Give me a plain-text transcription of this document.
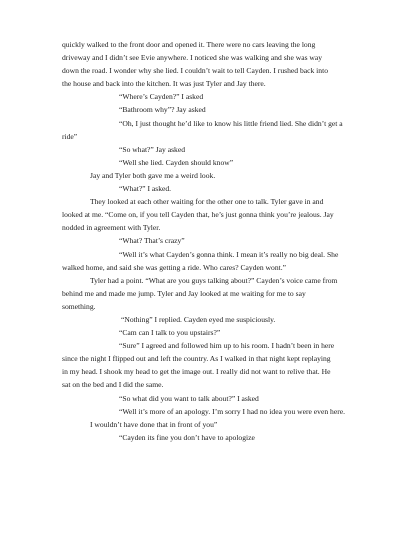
quickly walked to the front door and opened it. There were no cars leaving the long
driveway and I didn’t see Evie anywhere. I noticed she was walking and she was way
down the road. I wonder why she lied. I couldn’t wait to tell Cayden. I rushed back into
the house and back into the kitchen. It was just Tyler and Jay there.
“Where’s Cayden?” I asked
“Bathroom why”? Jay asked
“Oh, I just thought he’d like to know his little friend lied. She didn’t get a
ride”
“So what?” Jay asked
“Well she lied. Cayden should know”
Jay and Tyler both gave me a weird look.
“What?” I asked.
They looked at each other waiting for the other one to talk. Tyler gave in and
looked at me. “Come on, if you tell Cayden that, he’s just gonna think you’re jealous. Jay
nodded in agreement with Tyler.
“What? That’s crazy”
“Well it’s what Cayden’s gonna think. I mean it’s really no big deal. She
walked home, and said she was getting a ride. Who cares? Cayden wont.”
Tyler had a point. “What are you guys talking about?” Cayden’s voice came from
behind me and made me jump. Tyler and Jay looked at me waiting for me to say
something.
“Nothing” I replied. Cayden eyed me suspiciously.
“Cam can I talk to you upstairs?”
“Sure” I agreed and followed him up to his room. I hadn’t been in here
since the night I flipped out and left the country. As I walked in that night kept replaying
in my head. I shook my head to get the image out. I really did not want to relive that. He
sat on the bed and I did the same.
“So what did you want to talk about?” I asked
“Well it’s more of an apology. I’m sorry I had no idea you were even here.
I wouldn’t have done that in front of you”
“Cayden its fine you don’t have to apologize
